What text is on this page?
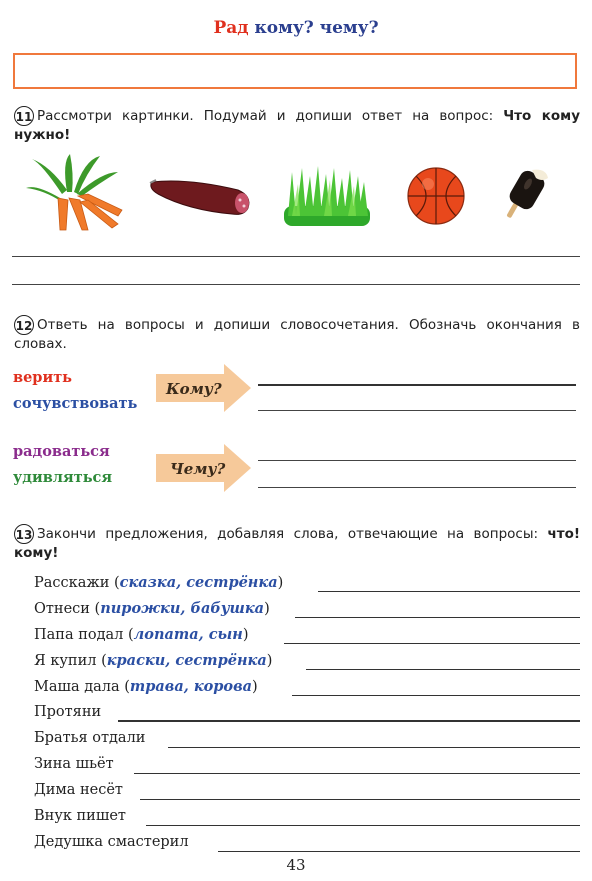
Рад кому? чему?
11 Рассмотри картинки. Подумай и допиши ответ на вопрос: Что кому нужно!
12 Ответь на вопросы и допиши словосочетания. Обозначь окончания в словах.
верить
сочувствовать
Кому?
радоваться
удивляться	Чему?
13 Закончи предложения, добавляя слова, отвечающие на вопросы: что! кому!
Расскажи (сказка, сестрёнка)
Отнеси (пирожки, бабушка)
Папа подал (лопата, сын)
Я купил (краски, сестрёнка)
Маша дала (трава, корова)
Протяни
Братья отдали
Зина шьёт
Дима несёт
Внук пишет
Дедушка смастерил
43
